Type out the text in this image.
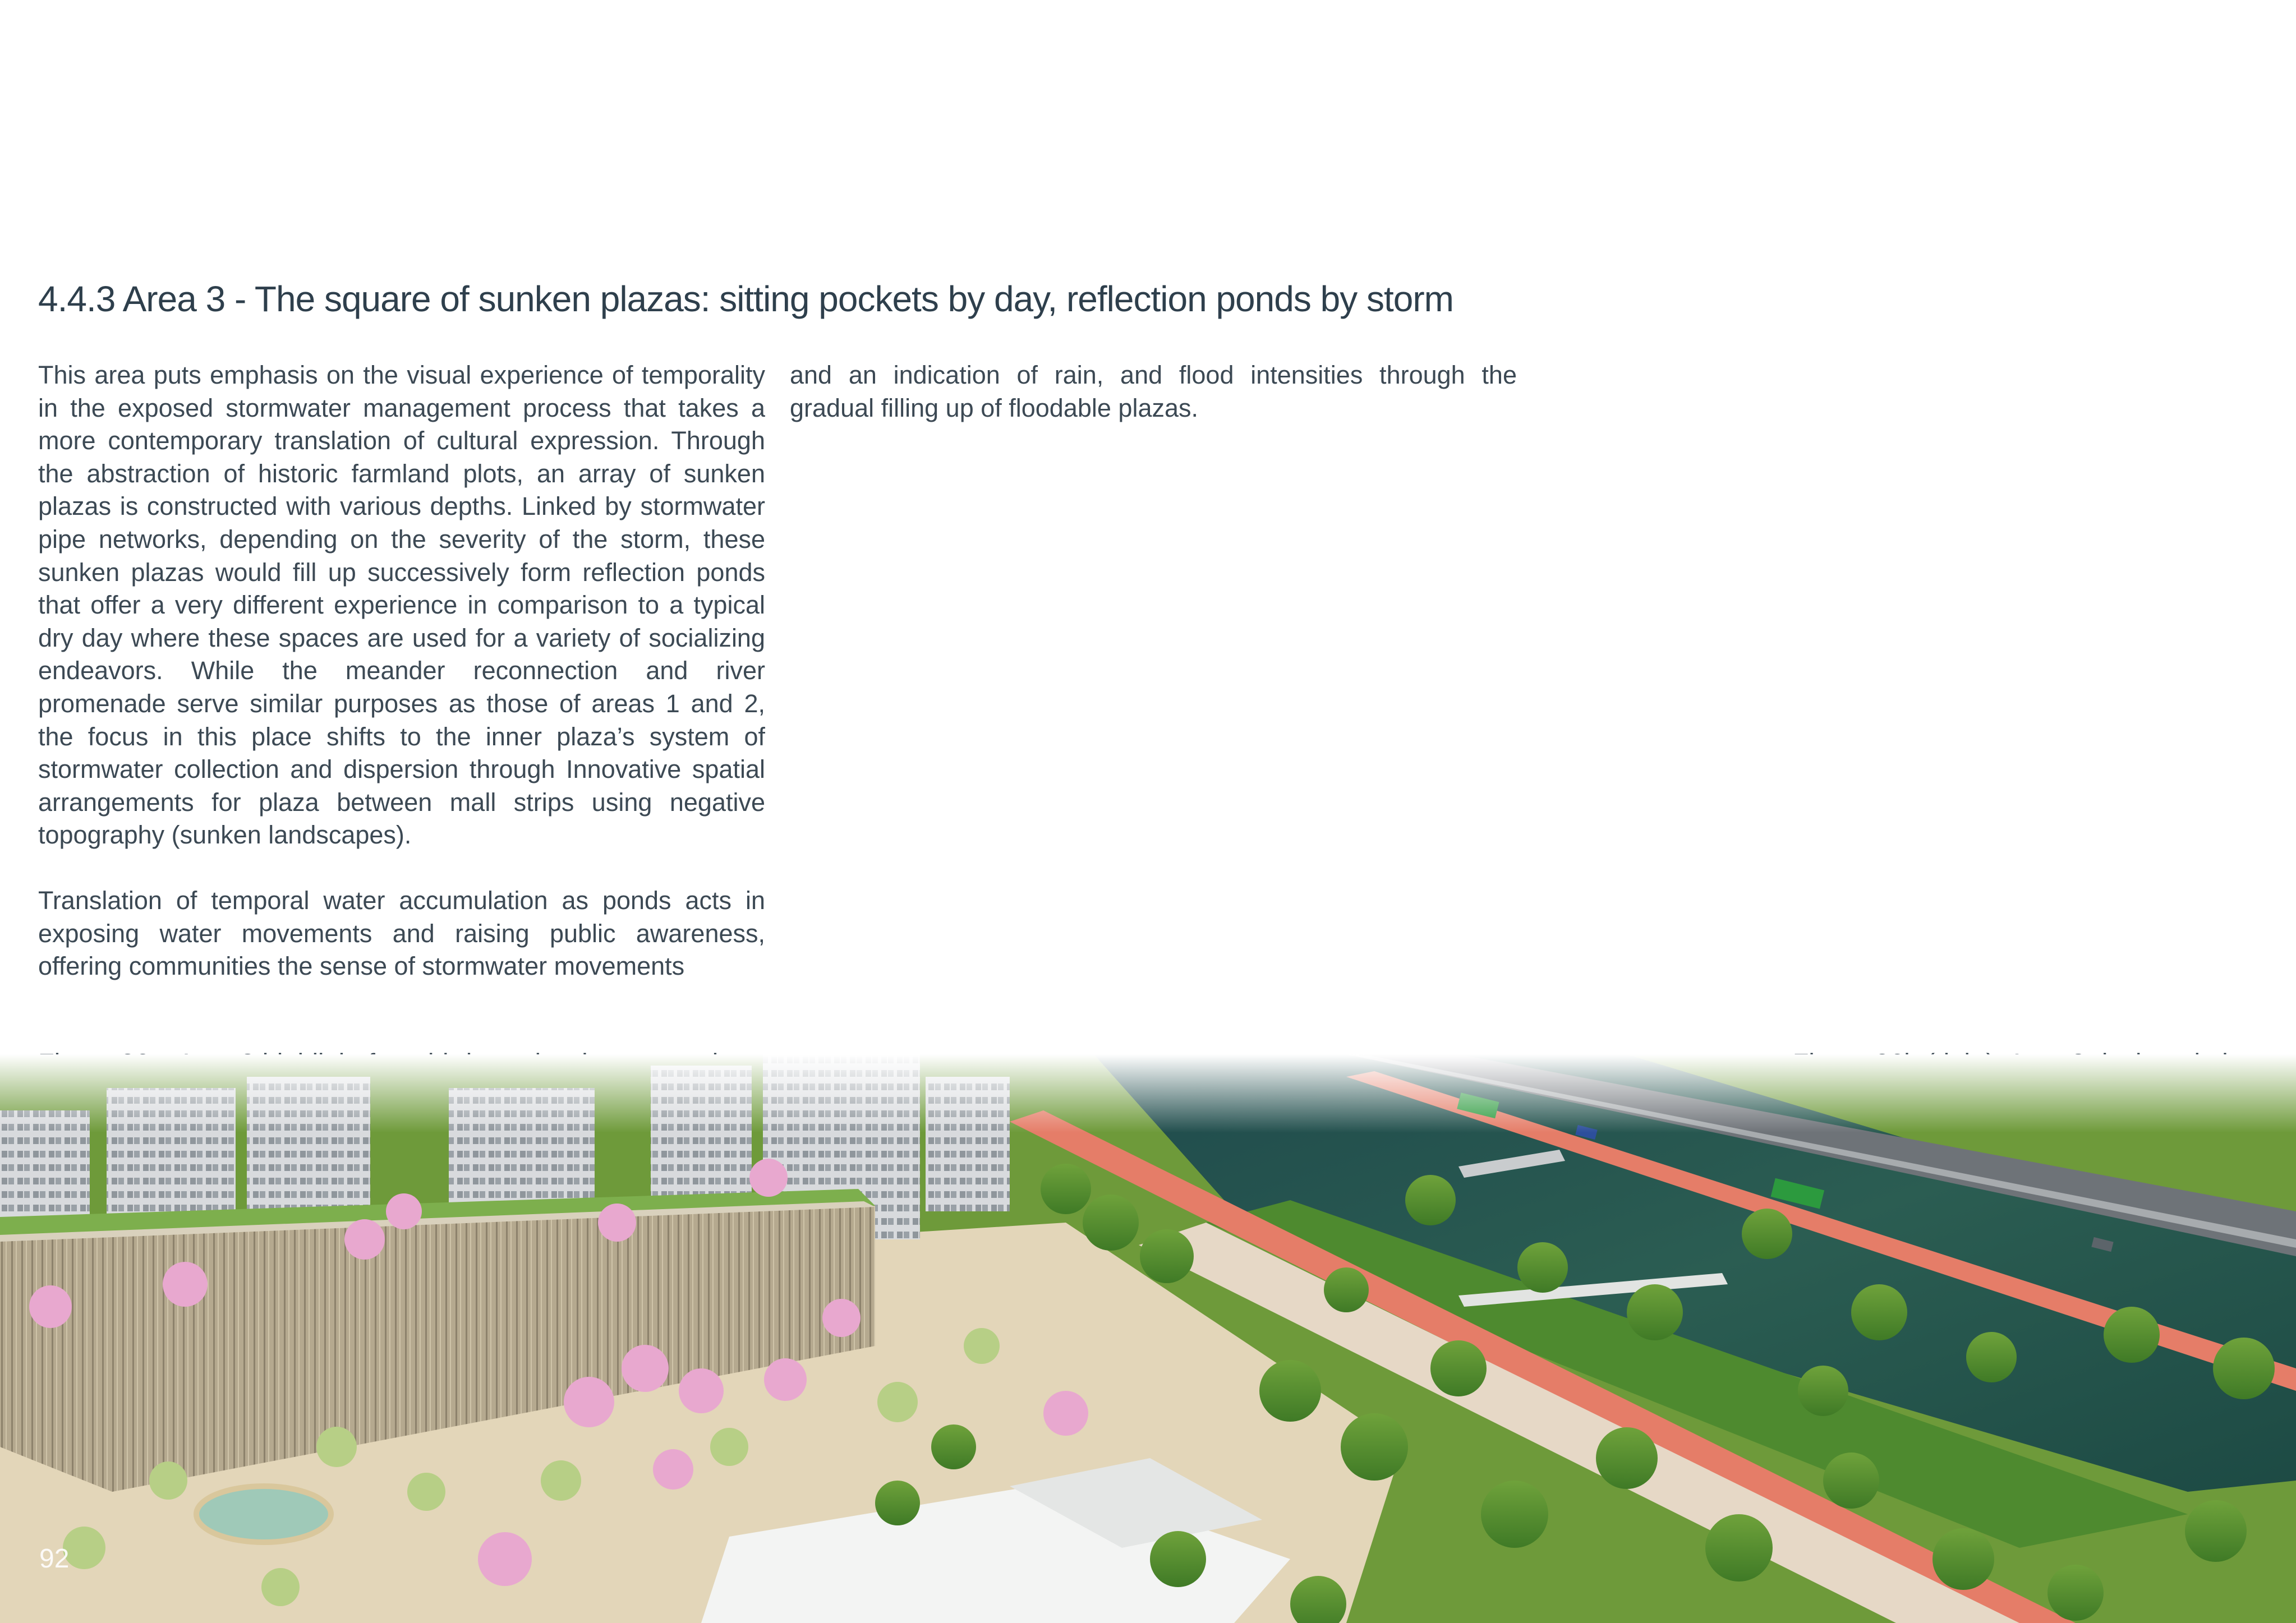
4.4.3 Area 3 - The square of sunken plazas: sitting pockets by day, reflection ponds by storm

This area puts emphasis on the visual experience of temporality in the exposed stormwater management process that takes a more contemporary translation of cultural expression. Through the abstraction of historic farmland plots, an array of sunken plazas is constructed with various depths. Linked by stormwater pipe networks, depending on the severity of the storm, these sunken plazas would fill up successively form reflection ponds that offer a very different experience in comparison to a typical dry day where these spaces are used for a variety of socializing endeavors. While the meander reconnection and river promenade serve similar purposes as those of areas 1 and 2, the focus in this place shifts to the inner plaza’s system of stormwater collection and dispersion through Innovative spatial arrangements for plaza between mall strips using negative topography (sunken landscapes).

Translation of temporal water accumulation as ponds acts in exposing water movements and raising public awareness, offering communities the sense of stormwater movements

and an indication of rain, and flood intensities through the gradual filling up of floodable plazas.

92
